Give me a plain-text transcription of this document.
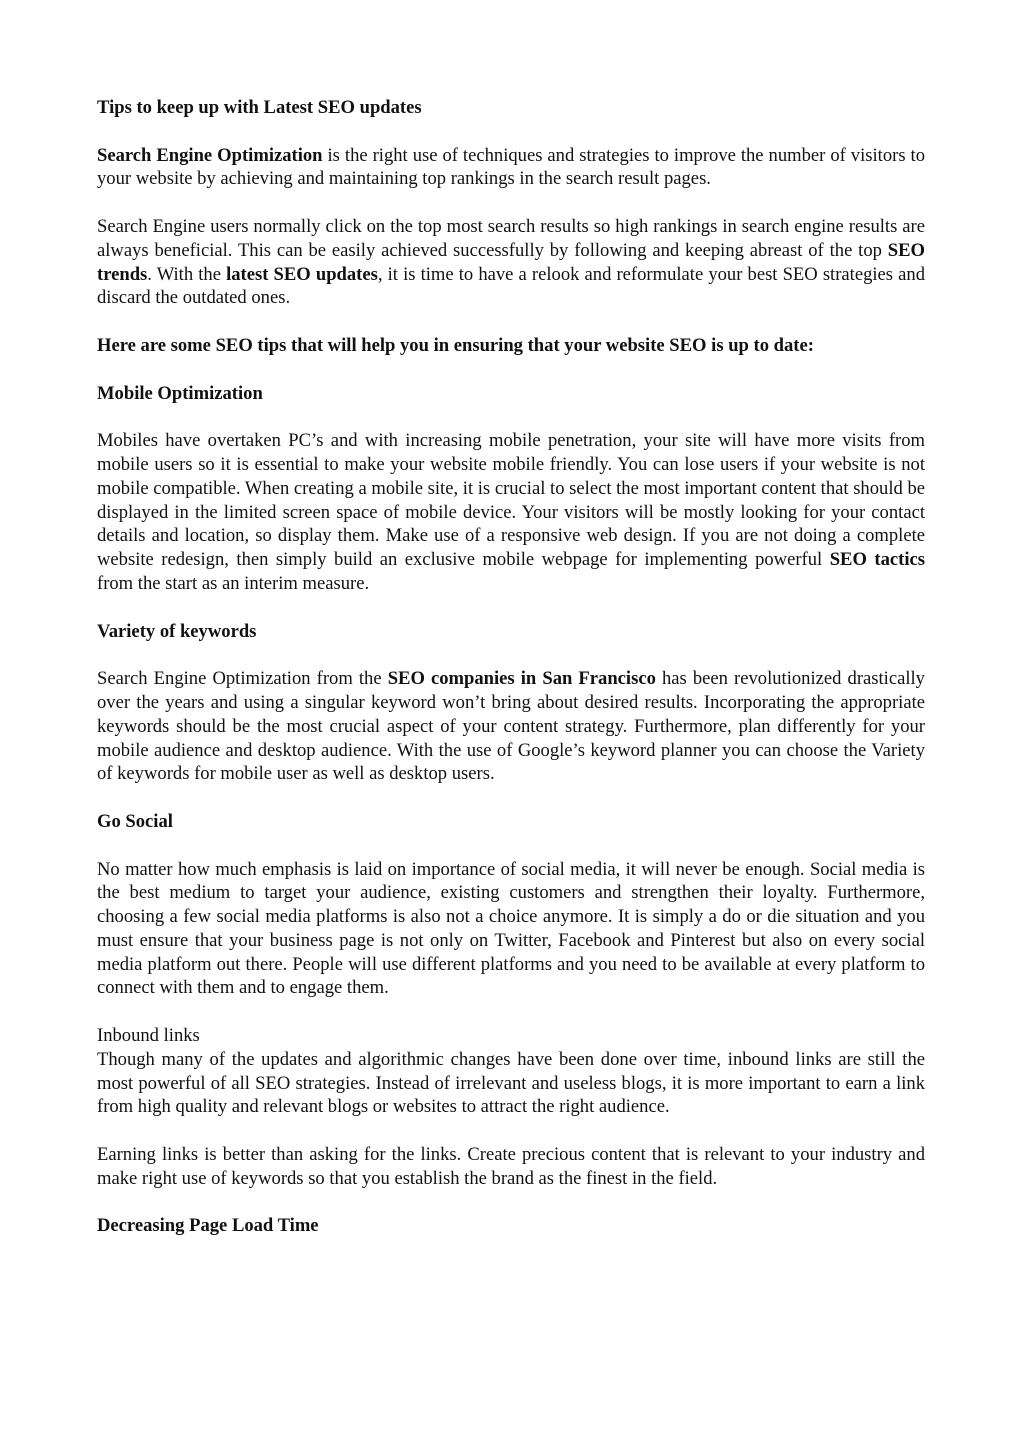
Tips to keep up with Latest SEO updates

Search Engine Optimization is the right use of techniques and strategies to improve the number of visitors to your website by achieving and maintaining top rankings in the search result pages.

Search Engine users normally click on the top most search results so high rankings in search engine results are always beneficial. This can be easily achieved successfully by following and keeping abreast of the top SEO trends. With the latest SEO updates, it is time to have a relook and reformulate your best SEO strategies and discard the outdated ones.

Here are some SEO tips that will help you in ensuring that your website SEO is up to date:

Mobile Optimization

Mobiles have overtaken PC’s and with increasing mobile penetration, your site will have more visits from mobile users so it is essential to make your website mobile friendly. You can lose users if your website is not mobile compatible. When creating a mobile site, it is crucial to select the most important content that should be displayed in the limited screen space of mobile device. Your visitors will be mostly looking for your contact details and location, so display them. Make use of a responsive web design. If you are not doing a complete website redesign, then simply build an exclusive mobile webpage for implementing powerful SEO tactics from the start as an interim measure.

Variety of keywords

Search Engine Optimization from the SEO companies in San Francisco has been revolutionized drastically over the years and using a singular keyword won’t bring about desired results. Incorporating the appropriate keywords should be the most crucial aspect of your content strategy. Furthermore, plan differently for your mobile audience and desktop audience. With the use of Google’s keyword planner you can choose the Variety of keywords for mobile user as well as desktop users.

Go Social

No matter how much emphasis is laid on importance of social media, it will never be enough. Social media is the best medium to target your audience, existing customers and strengthen their loyalty. Furthermore, choosing a few social media platforms is also not a choice anymore. It is simply a do or die situation and you must ensure that your business page is not only on Twitter, Facebook and Pinterest but also on every social media platform out there. People will use different platforms and you need to be available at every platform to connect with them and to engage them.

Inbound links

Though many of the updates and algorithmic changes have been done over time, inbound links are still the most powerful of all SEO strategies. Instead of irrelevant and useless blogs, it is more important to earn a link from high quality and relevant blogs or websites to attract the right audience.

Earning links is better than asking for the links. Create precious content that is relevant to your industry and make right use of keywords so that you establish the brand as the finest in the field.

Decreasing Page Load Time
